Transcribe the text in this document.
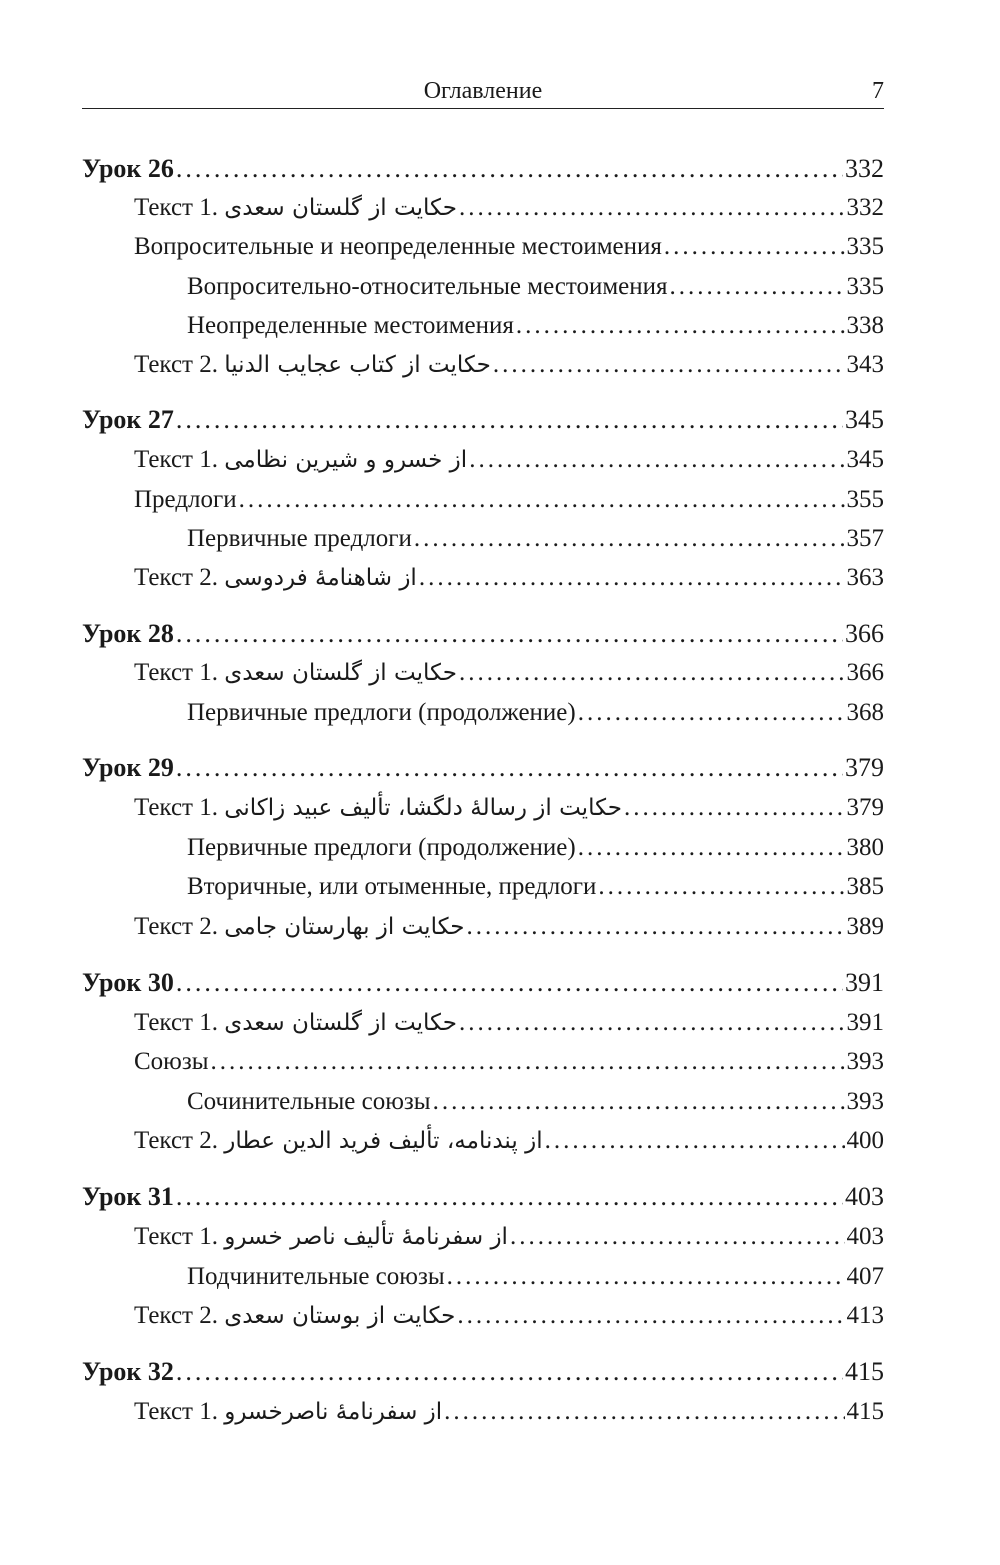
Оглавление	7
Урок 26 .....	332
Текст 1. حکایت از گلستان سعدی .....	332
Вопросительные и неопределенные местоимения .....	335
Вопросительно-относительные местоимения .....	335
Неопределенные местоимения .....	338
Текст 2. حکایت از کتاب عجایب الدنیا .....	343
Урок 27 .....	345
Текст 1. از خسرو و شیرین نظامی .....	345
Предлоги .....	355
Первичные предлоги .....	357
Текст 2. از شاهنامهٔ فردوسی .....	363
Урок 28 .....	366
Текст 1. حکایت از گلستان سعدی .....	366
Первичные предлоги (продолжение) .....	368
Урок 29 .....	379
Текст 1. حکایت از رسالهٔ دلگشا، تألیف عبید زاکانی .....	379
Первичные предлоги (продолжение) .....	380
Вторичные, или отыменные, предлоги .....	385
Текст 2. حکایت از بهارستان جامی .....	389
Урок 30 .....	391
Текст 1. حکایت از گلستان سعدی .....	391
Союзы .....	393
Сочинительные союзы .....	393
Текст 2. از پندنامه، تألیف فرید الدین عطار .....	400
Урок 31 .....	403
Текст 1. از سفرنامهٔ تألیف ناصر خسرو .....	403
Подчинительные союзы .....	407
Текст 2. حکایت از بوستان سعدی .....	413
Урок 32 .....	415
Текст 1. از سفرنامهٔ ناصرخسرو .....	415
